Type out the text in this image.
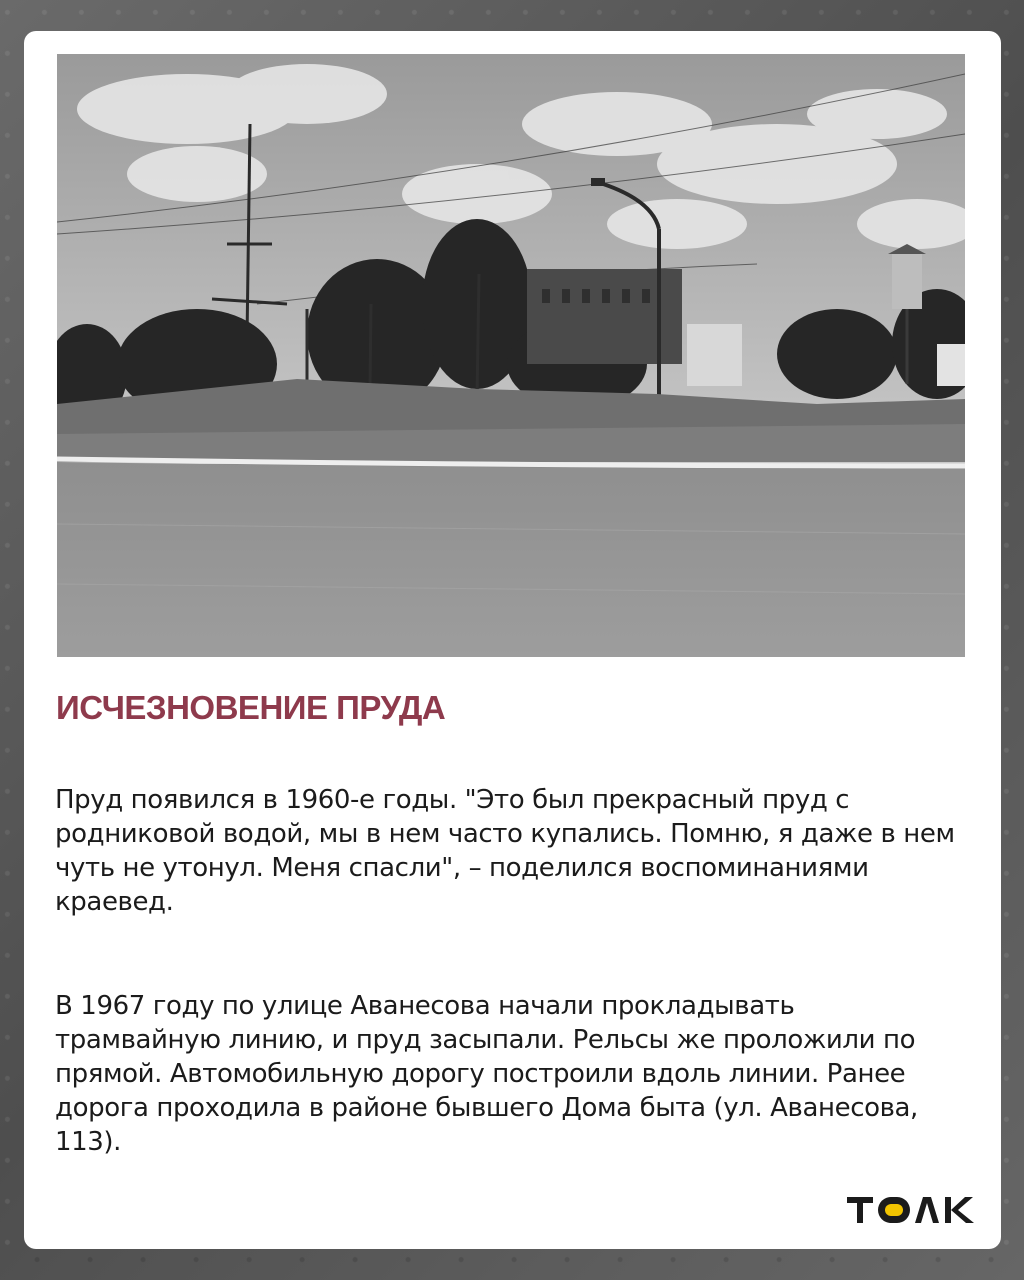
ИСЧЕЗНОВЕНИЕ ПРУДА

Пруд появился в 1960-е годы. "Это был прекрасный пруд с родниковой водой, мы в нем часто купались. Помню, я даже в нем чуть не утонул. Меня спасли", – поделился воспоминаниями краевед.

В 1967 году по улице Аванесова начали прокладывать трамвайную линию, и пруд засыпали. Рельсы же проложили по прямой. Автомобильную дорогу построили вдоль линии. Ранее дорога проходила в районе бывшего Дома быта (ул. Аванесова, 113).
